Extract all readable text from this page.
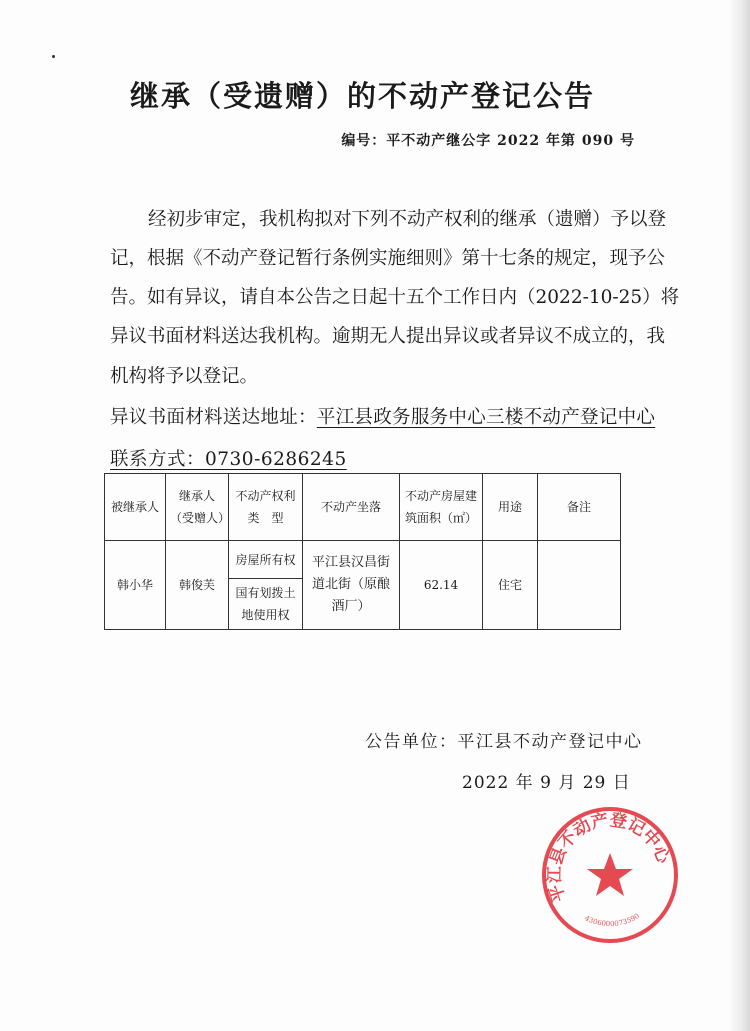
继承（受遗赠）的不动产登记公告
编号：平不动产继公字 2022 年第 090 号
经初步审定，我机构拟对下列不动产权利的继承（遗赠）予以登
记，根据《不动产登记暂行条例实施细则》第十七条的规定，现予公
告。如有异议，请自本公告之日起十五个工作日内（2022-10-25）将
异议书面材料送达我机构。逾期无人提出异议或者异议不成立的，我
机构将予以登记。
异议书面材料送达地址：平江县政务服务中心三楼不动产登记中心
联系方式：0730-6286245
被继承人	继承人（受赠人）	不动产权利类　型	不动产坐落	不动产房屋建筑面积（㎡）	用途	备注
韩小华	韩俊芙	房屋所有权	平江县汉昌街道北街（原酿酒厂）	62.14	住宅	
		国有划拨土地使用权				
公告单位：平江县不动产登记中心
2022 年 9 月 29 日
平江县不动产登记中心
430600007359​0
